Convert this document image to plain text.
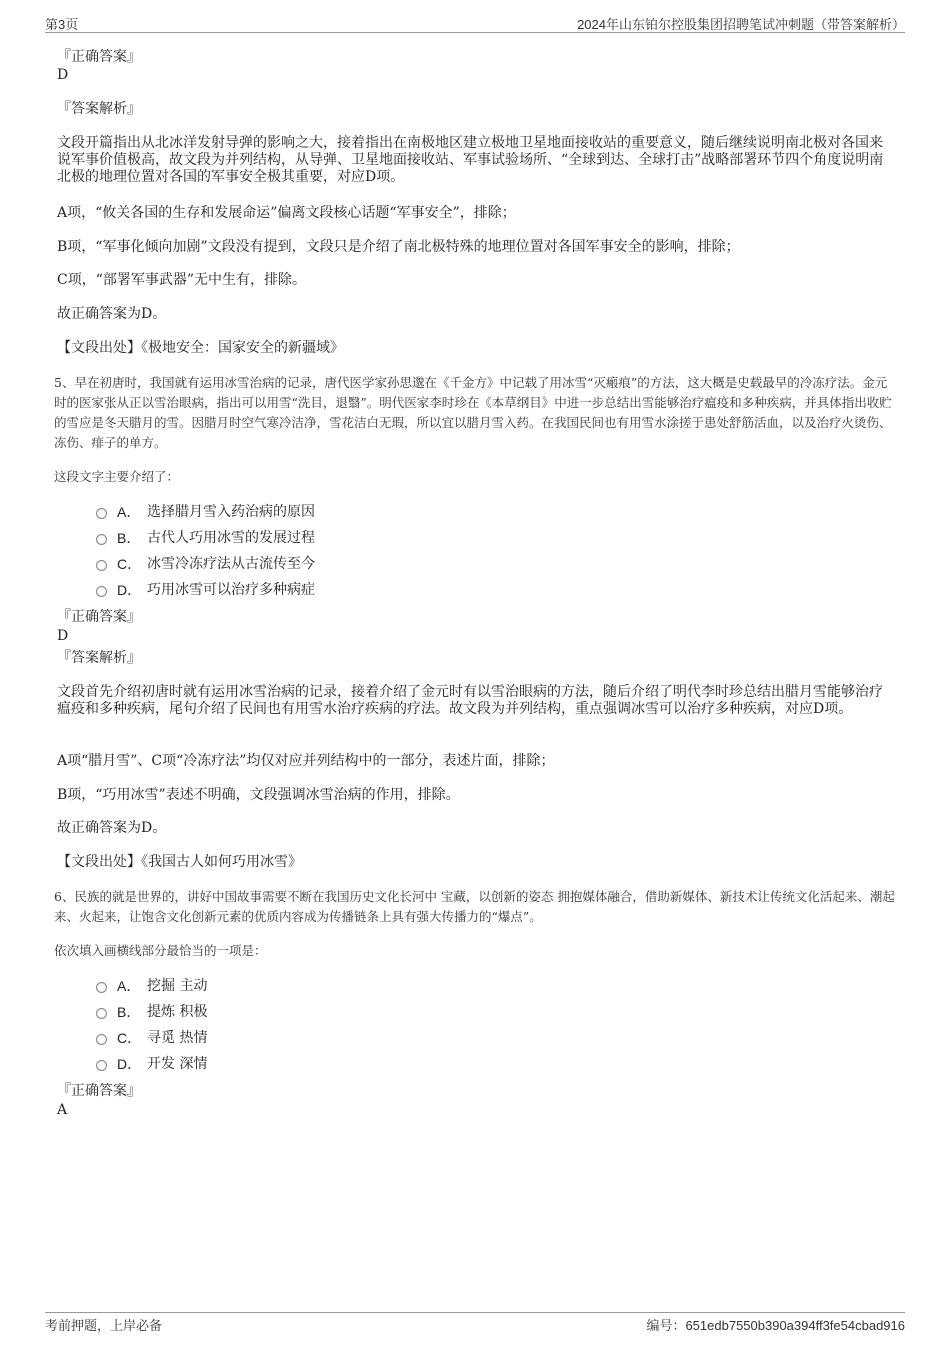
第3页	2024年山东铂尔控股集团招聘笔试冲刺题（带答案解析）
『正确答案』
D
『答案解析』
文段开篇指出从北冰洋发射导弹的影响之大，接着指出在南极地区建立极地卫星地面接收站的重要意义，随后继续说明南北极对各国来说军事价值极高，故文段为并列结构，从导弹、卫星地面接收站、军事试验场所、“全球到达、全球打击”战略部署环节四个角度说明南北极的地理位置对各国的军事安全极其重要，对应D项。
A项，“攸关各国的生存和发展命运”偏离文段核心话题“军事安全”，排除；
B项，“军事化倾向加剧”文段没有提到，文段只是介绍了南北极特殊的地理位置对各国军事安全的影响，排除；
C项，“部署军事武器”无中生有，排除。
故正确答案为D。
【文段出处】《极地安全：国家安全的新疆域》
5、早在初唐时，我国就有运用冰雪治病的记录，唐代医学家孙思邈在《千金方》中记载了用冰雪“灭瘢痕”的方法，这大概是史载最早的冷冻疗法。金元时的医家张从正以雪治眼病，指出可以用雪“洗目，退翳”。明代医家李时珍在《本草纲目》中进一步总结出雪能够治疗瘟疫和多种疾病，并具体指出收贮的雪应是冬天腊月的雪。因腊月时空气寒冷洁净，雪花洁白无瑕，所以宜以腊月雪入药。在我国民间也有用雪水涂搓于患处舒筋活血，以及治疗火烫伤、冻伤、痱子的单方。
这段文字主要介绍了：
A． 选择腊月雪入药治病的原因
B． 古代人巧用冰雪的发展过程
C． 冰雪冷冻疗法从古流传至今
D． 巧用冰雪可以治疗多种病症
『正确答案』
D
『答案解析』
文段首先介绍初唐时就有运用冰雪治病的记录，接着介绍了金元时有以雪治眼病的方法，随后介绍了明代李时珍总结出腊月雪能够治疗瘟疫和多种疾病，尾句介绍了民间也有用雪水治疗疾病的疗法。故文段为并列结构，重点强调冰雪可以治疗多种疾病，对应D项。
A项“腊月雪”、C项“冷冻疗法”均仅对应并列结构中的一部分，表述片面，排除；
B项，“巧用冰雪”表述不明确，文段强调冰雪治病的作用，排除。
故正确答案为D。
【文段出处】《我国古人如何巧用冰雪》
6、民族的就是世界的，讲好中国故事需要不断在我国历史文化长河中 宝藏，以创新的姿态 拥抱媒体融合，借助新媒体、新技术让传统文化活起来、潮起来、火起来，让饱含文化创新元素的优质内容成为传播链条上具有强大传播力的“爆点”。
依次填入画横线部分最恰当的一项是：
A． 挖掘 主动
B． 提炼 积极
C． 寻觅 热情
D． 开发 深情
『正确答案』
A
考前押题，上岸必备	编号：651edb7550b390a394ff3fe54cbad916
